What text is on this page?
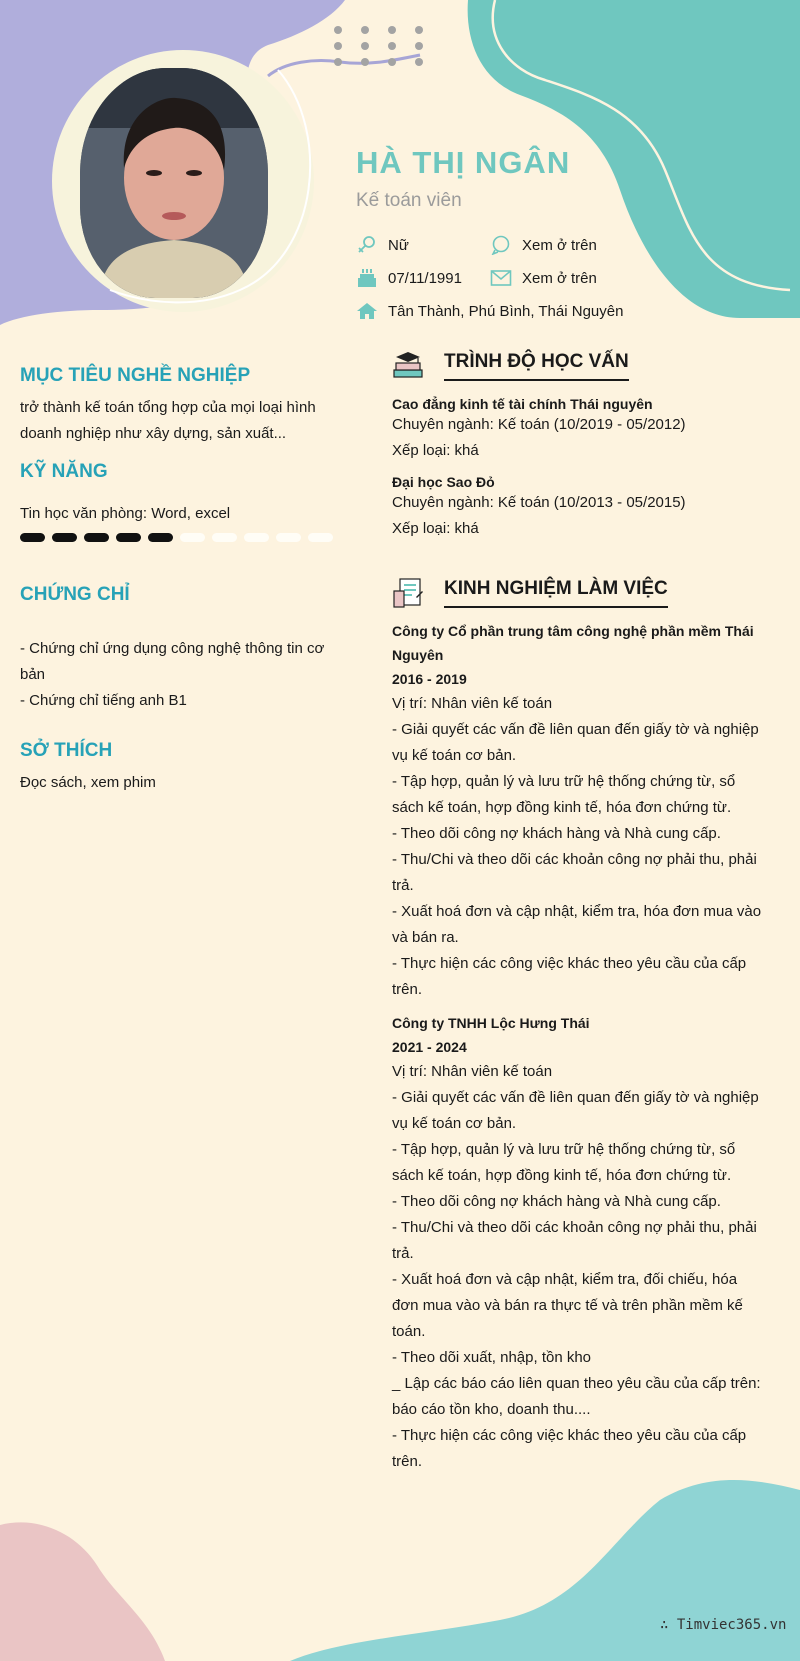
HÀ THỊ NGÂN
Kế toán viên
Nữ	Xem ở trên
07/11/1991	Xem ở trên
Tân Thành, Phú Bình, Thái Nguyên
MỤC TIÊU NGHỀ NGHIỆP
trở thành kế toán tổng hợp của mọi loại hình doanh nghiệp như xây dựng, sản xuất...
KỸ NĂNG
Tin học văn phòng: Word, excel
CHỨNG CHỈ
- Chứng chỉ ứng dụng công nghệ thông tin cơ bản
- Chứng chỉ tiếng anh B1
SỞ THÍCH
Đọc sách, xem phim
TRÌNH ĐỘ HỌC VẤN
Cao đẳng kinh tế tài chính Thái nguyên
Chuyên ngành: Kế toán (10/2019 - 05/2012)
Xếp loại: khá
Đại học Sao Đỏ
Chuyên ngành: Kế toán (10/2013 - 05/2015)
Xếp loại: khá
KINH NGHIỆM LÀM VIỆC
Công ty Cổ phần trung tâm công nghệ phần mềm Thái Nguyên
2016 - 2019
Vị trí: Nhân viên kế toán
- Giải quyết các vấn đề liên quan đến giấy tờ và nghiệp vụ kế toán cơ bản.
- Tập hợp, quản lý và lưu trữ hệ thống chứng từ, sổ sách kế toán, hợp đồng kinh tế, hóa đơn chứng từ.
- Theo dõi công nợ khách hàng và Nhà cung cấp.
- Thu/Chi và theo dõi các khoản công nợ phải thu, phải trả.
- Xuất hoá đơn và cập nhật, kiểm tra, hóa đơn mua vào và bán ra.
- Thực hiện các công việc khác theo yêu cầu của cấp trên.
Công ty TNHH Lộc Hưng Thái
2021 - 2024
Vị trí: Nhân viên kế toán
- Giải quyết các vấn đề liên quan đến giấy tờ và nghiệp vụ kế toán cơ bản.
- Tập hợp, quản lý và lưu trữ hệ thống chứng từ, sổ sách kế toán, hợp đồng kinh tế, hóa đơn chứng từ.
- Theo dõi công nợ khách hàng và Nhà cung cấp.
- Thu/Chi và theo dõi các khoản công nợ phải thu, phải trả.
- Xuất hoá đơn và cập nhật, kiểm tra, đối chiếu, hóa đơn mua vào và bán ra thực tế và trên phần mềm kế toán.
- Theo dõi xuất, nhập, tồn kho
_ Lập các báo cáo liên quan theo yêu cầu của cấp trên: báo cáo tồn kho, doanh thu....
- Thực hiện các công việc khác theo yêu cầu của cấp trên.
∴ Timviec365.vn
